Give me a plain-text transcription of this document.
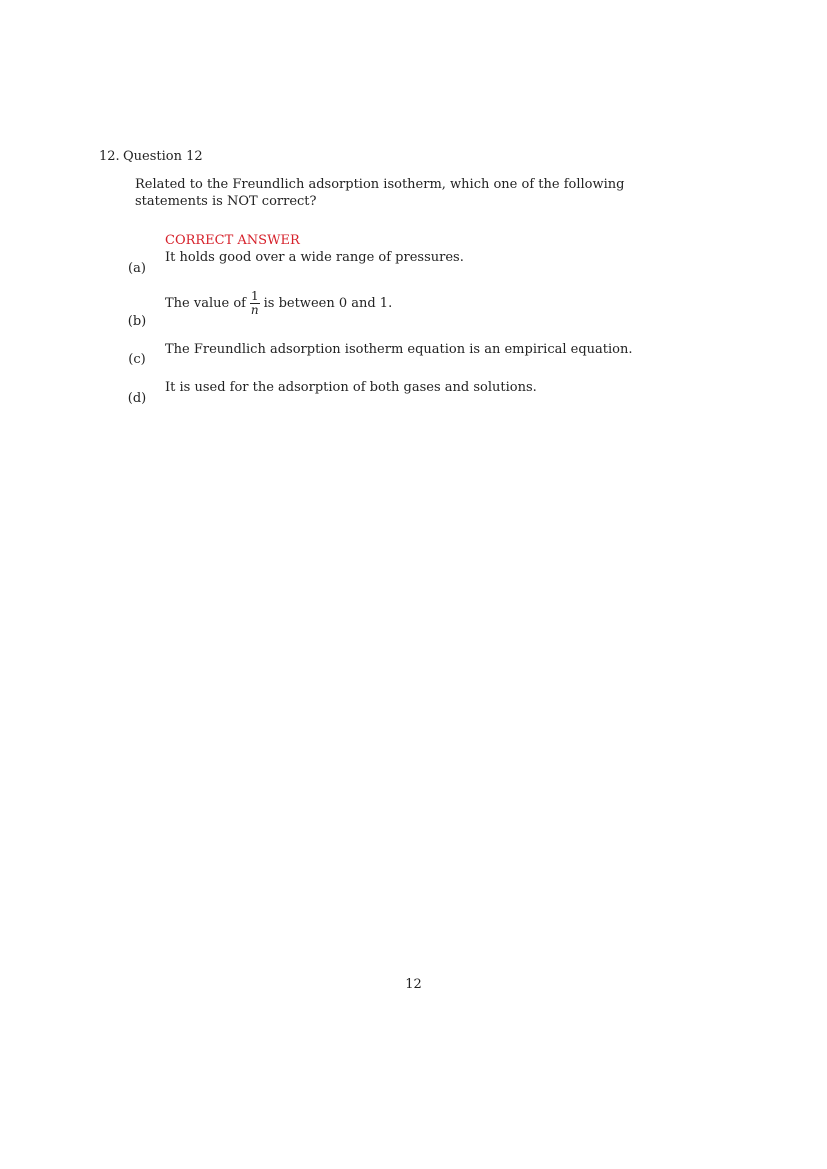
12. Question 12
Related to the Freundlich adsorption isotherm, which one of the following
statements is NOT correct?
(a)
CORRECT ANSWER
It holds good over a wide range of pressures.
(b)
The value of $\frac{1}{n}$ is between 0 and 1.
(c)
The Freundlich adsorption isotherm equation is an empirical equation.
(d)
It is used for the adsorption of both gases and solutions.
12
